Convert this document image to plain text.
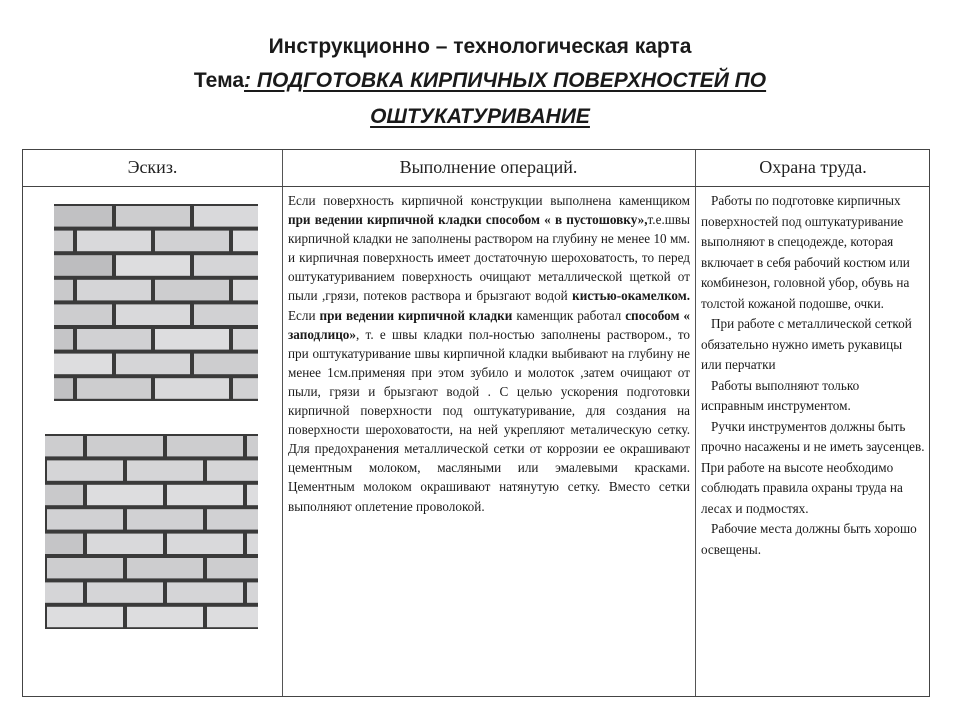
Инструкционно – технологическая карта
Тема: ПОДГОТОВКА КИРПИЧНЫХ ПОВЕРХНОСТЕЙ ПО
ОШТУКАТУРИВАНИЕ
Эскиз.	Выполнение операций.	Охрана труда.
Если поверхность кирпичной конструкции выполнена каменщиком при ведении кирпичной кладки способом « в пустошовку»,т.е.швы кирпичной кладки не заполнены раствором на глубину не менее 10 мм. и кирпичная поверхность имеет достаточную шероховатость, то перед оштукатуриванием поверхность очищают металлической щеткой от пыли ,грязи, потеков раствора и брызгают водой кистью-окамелком. Если при ведении кирпичной кладки каменщик работал способом « заподлицо», т. е швы кладки пол-ностью заполнены раствором., то при оштукатуривание швы кирпичной кладки выбивают на глубину не менее 1см.применяя при этом зубило и молоток ,затем очищают от пыли, грязи и брызгают водой . С целью ускорения подготовки кирпичной поверхности под оштукатуривание, для создания на поверхности шероховатости, на ней укрепляют металическую сетку. Для предохранения металлической сетки от коррозии ее окрашивают цементным молоком, масляными или эмалевыми красками. Цементным молоком окрашивают натянутую сетку. Вместо сетки выполняют оплетение проволокой.

Работы по подготовке кирпичных поверхностей под оштукатуривание выполняют в спецодежде, которая включает в себя рабочий костюм или комбинезон, головной убор, обувь на толстой кожаной подошве, очки.

При работе с металлической сеткой обязательно нужно иметь рукавицы или перчатки

Работы выполняют только исправным инструментом.

Ручки инструментов должны быть прочно насажены и не иметь заусенцев. При работе на высоте необходимо соблюдать правила охраны труда на лесах и подмостях.

Рабочие места должны быть хорошо освещены.
